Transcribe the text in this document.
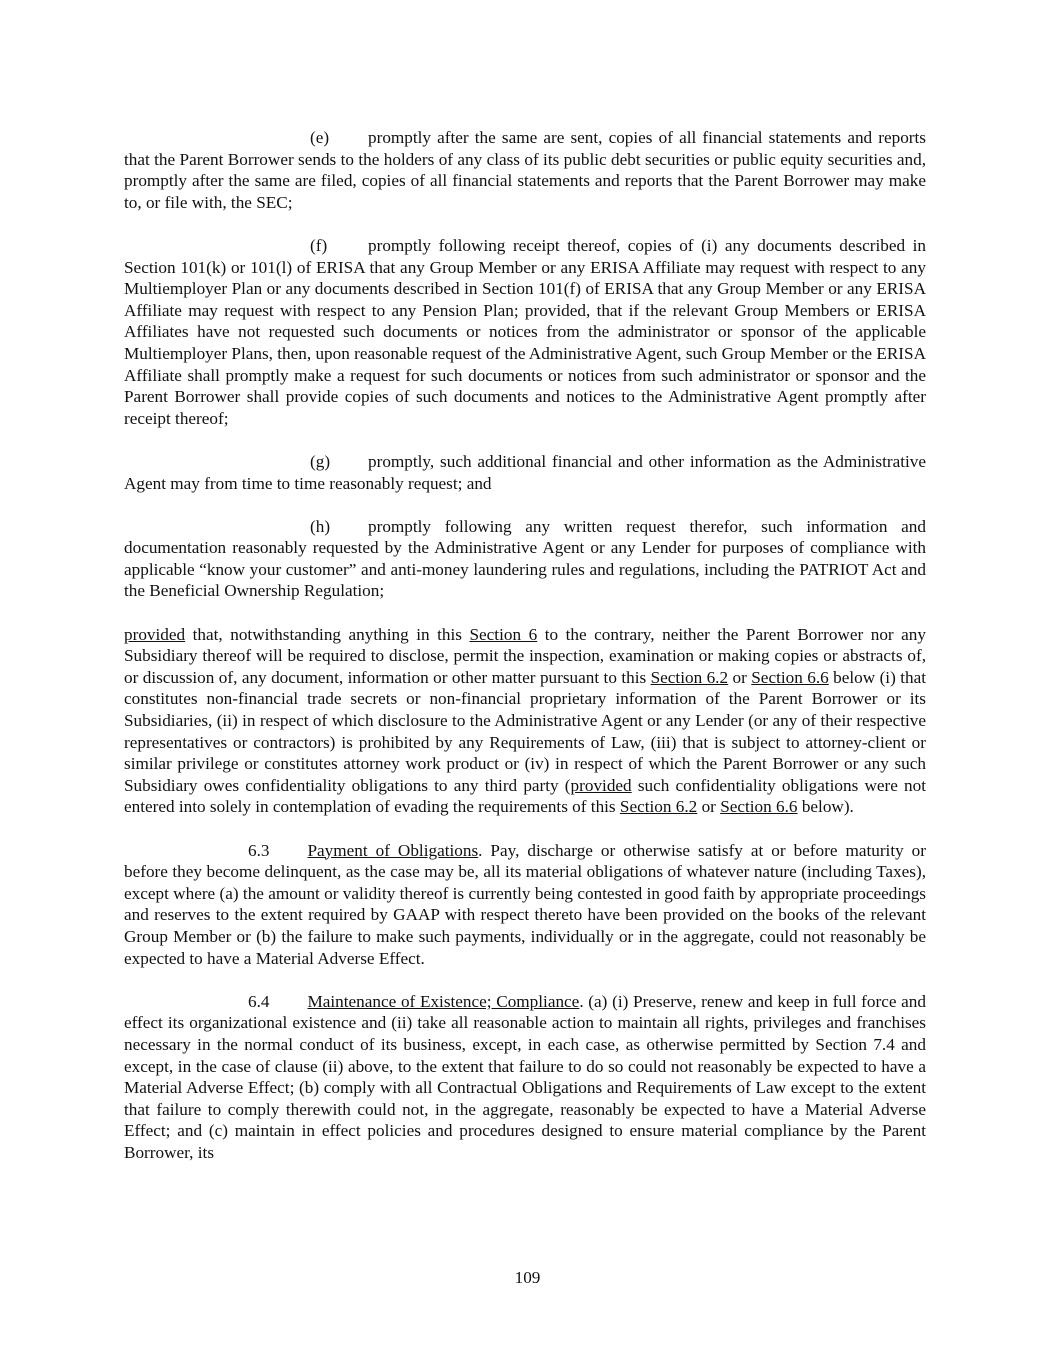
(e) promptly after the same are sent, copies of all financial statements and reports that the Parent Borrower sends to the holders of any class of its public debt securities or public equity securities and, promptly after the same are filed, copies of all financial statements and reports that the Parent Borrower may make to, or file with, the SEC;

(f) promptly following receipt thereof, copies of (i) any documents described in Section 101(k) or 101(l) of ERISA that any Group Member or any ERISA Affiliate may request with respect to any Multiemployer Plan or any documents described in Section 101(f) of ERISA that any Group Member or any ERISA Affiliate may request with respect to any Pension Plan; provided, that if the relevant Group Members or ERISA Affiliates have not requested such documents or notices from the administrator or sponsor of the applicable Multiemployer Plans, then, upon reasonable request of the Administrative Agent, such Group Member or the ERISA Affiliate shall promptly make a request for such documents or notices from such administrator or sponsor and the Parent Borrower shall provide copies of such documents and notices to the Administrative Agent promptly after receipt thereof;

(g) promptly, such additional financial and other information as the Administrative Agent may from time to time reasonably request; and

(h) promptly following any written request therefor, such information and documentation reasonably requested by the Administrative Agent or any Lender for purposes of compliance with applicable “know your customer” and anti-money laundering rules and regulations, including the PATRIOT Act and the Beneficial Ownership Regulation;

provided that, notwithstanding anything in this Section 6 to the contrary, neither the Parent Borrower nor any Subsidiary thereof will be required to disclose, permit the inspection, examination or making copies or abstracts of, or discussion of, any document, information or other matter pursuant to this Section 6.2 or Section 6.6 below (i) that constitutes non-financial trade secrets or non-financial proprietary information of the Parent Borrower or its Subsidiaries, (ii) in respect of which disclosure to the Administrative Agent or any Lender (or any of their respective representatives or contractors) is prohibited by any Requirements of Law, (iii) that is subject to attorney-client or similar privilege or constitutes attorney work product or (iv) in respect of which the Parent Borrower or any such Subsidiary owes confidentiality obligations to any third party (provided such confidentiality obligations were not entered into solely in contemplation of evading the requirements of this Section 6.2 or Section 6.6 below).

6.3 Payment of Obligations. Pay, discharge or otherwise satisfy at or before maturity or before they become delinquent, as the case may be, all its material obligations of whatever nature (including Taxes), except where (a) the amount or validity thereof is currently being contested in good faith by appropriate proceedings and reserves to the extent required by GAAP with respect thereto have been provided on the books of the relevant Group Member or (b) the failure to make such payments, individually or in the aggregate, could not reasonably be expected to have a Material Adverse Effect.

6.4 Maintenance of Existence; Compliance. (a) (i) Preserve, renew and keep in full force and effect its organizational existence and (ii) take all reasonable action to maintain all rights, privileges and franchises necessary in the normal conduct of its business, except, in each case, as otherwise permitted by Section 7.4 and except, in the case of clause (ii) above, to the extent that failure to do so could not reasonably be expected to have a Material Adverse Effect; (b) comply with all Contractual Obligations and Requirements of Law except to the extent that failure to comply therewith could not, in the aggregate, reasonably be expected to have a Material Adverse Effect; and (c) maintain in effect policies and procedures designed to ensure material compliance by the Parent Borrower, its

109
